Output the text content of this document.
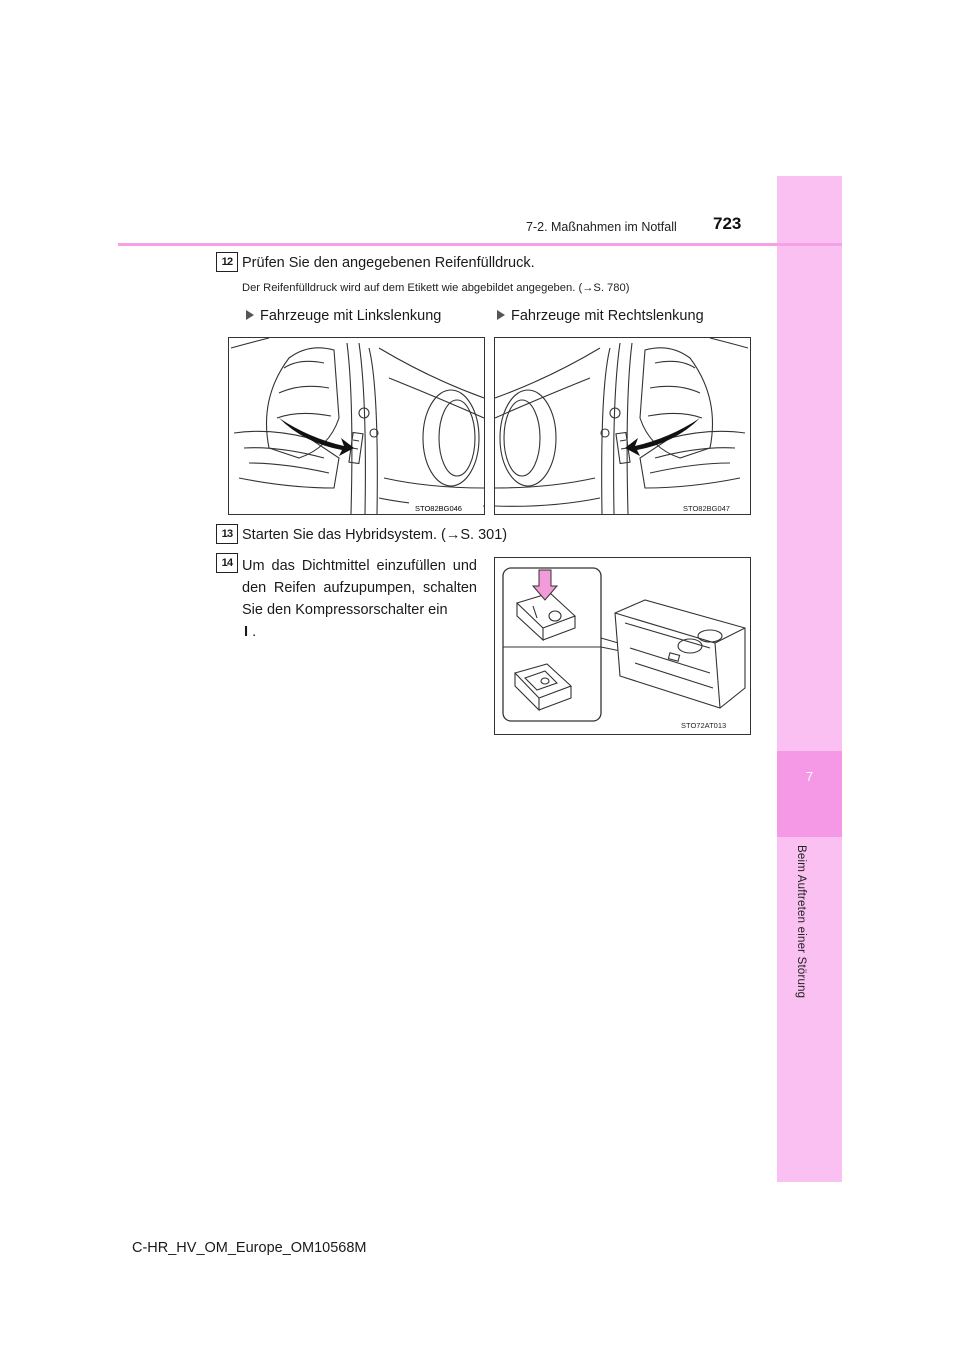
7
Beim Auftreten einer Störung
7-2. Maßnahmen im Notfall 723
12 Prüfen Sie den angegebenen Reifenfülldruck.
Der Reifenfülldruck wird auf dem Etikett wie abgebildet angegeben. (→S. 780)
Fahrzeuge mit Linkslenkung	Fahrzeuge mit Rechtslenkung
STO82BG046	STO82BG047
13 Starten Sie das Hybridsystem. (→S. 301)
14 Um das Dichtmittel einzufüllen und den Reifen aufzupumpen, schalten Sie den Kompressorschalter ein
I .
STO72AT013
C-HR_HV_OM_Europe_OM10568M
